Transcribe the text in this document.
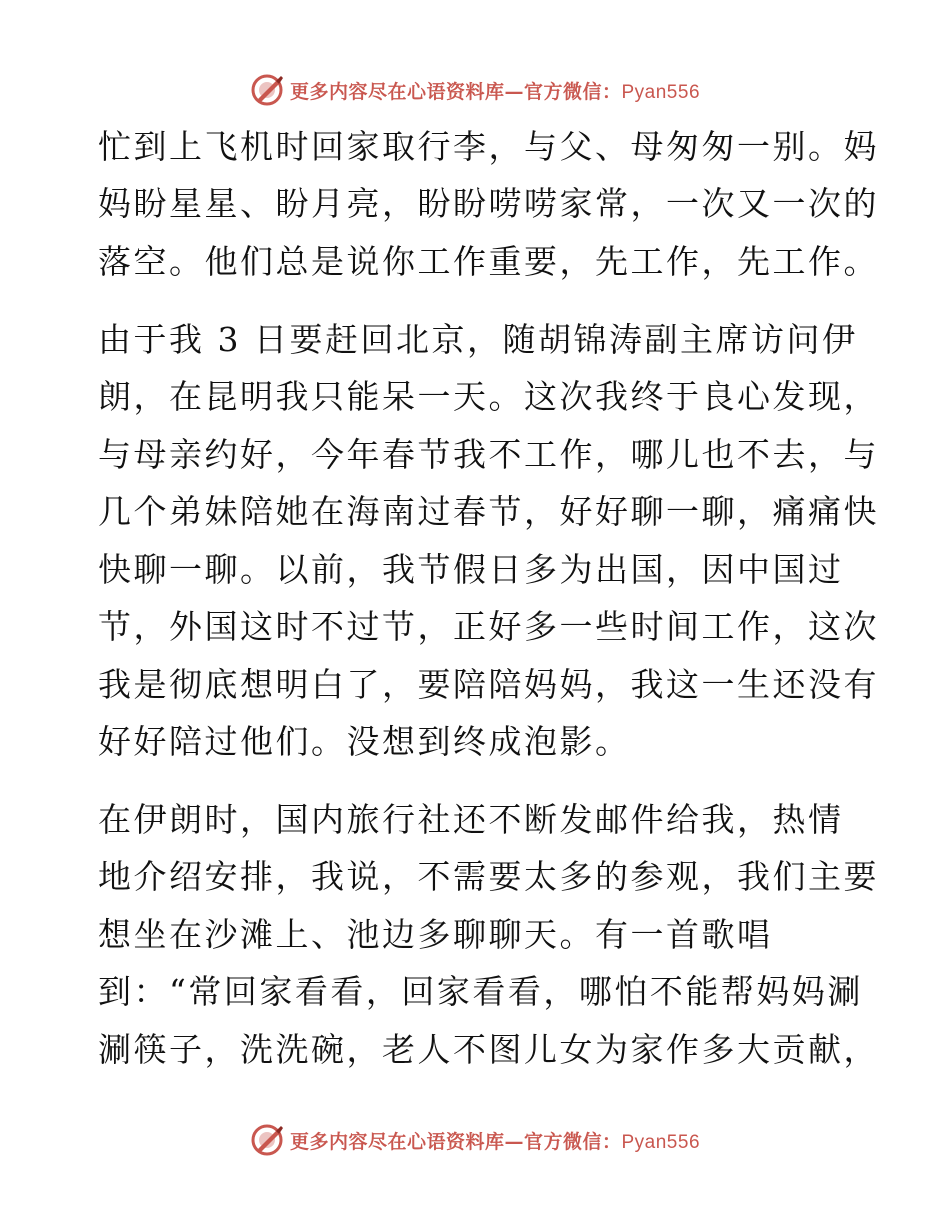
更多内容尽在心语资料库—官方微信：Pyan556
忙到上飞机时回家取行李，与父、母匆匆一别。妈
妈盼星星、盼月亮，盼盼唠唠家常，一次又一次的
落空。他们总是说你工作重要，先工作，先工作。
由于我 3 日要赶回北京，随胡锦涛副主席访问伊
朗，在昆明我只能呆一天。这次我终于良心发现，
与母亲约好，今年春节我不工作，哪儿也不去，与
几个弟妹陪她在海南过春节，好好聊一聊，痛痛快
快聊一聊。以前，我节假日多为出国，因中国过
节，外国这时不过节，正好多一些时间工作，这次
我是彻底想明白了，要陪陪妈妈，我这一生还没有
好好陪过他们。没想到终成泡影。
在伊朗时，国内旅行社还不断发邮件给我，热情
地介绍安排，我说，不需要太多的参观，我们主要
想坐在沙滩上、池边多聊聊天。有一首歌唱
到：“常回家看看，回家看看，哪怕不能帮妈妈涮
涮筷子，洗洗碗，老人不图儿女为家作多大贡献，
更多内容尽在心语资料库—官方微信：Pyan556
